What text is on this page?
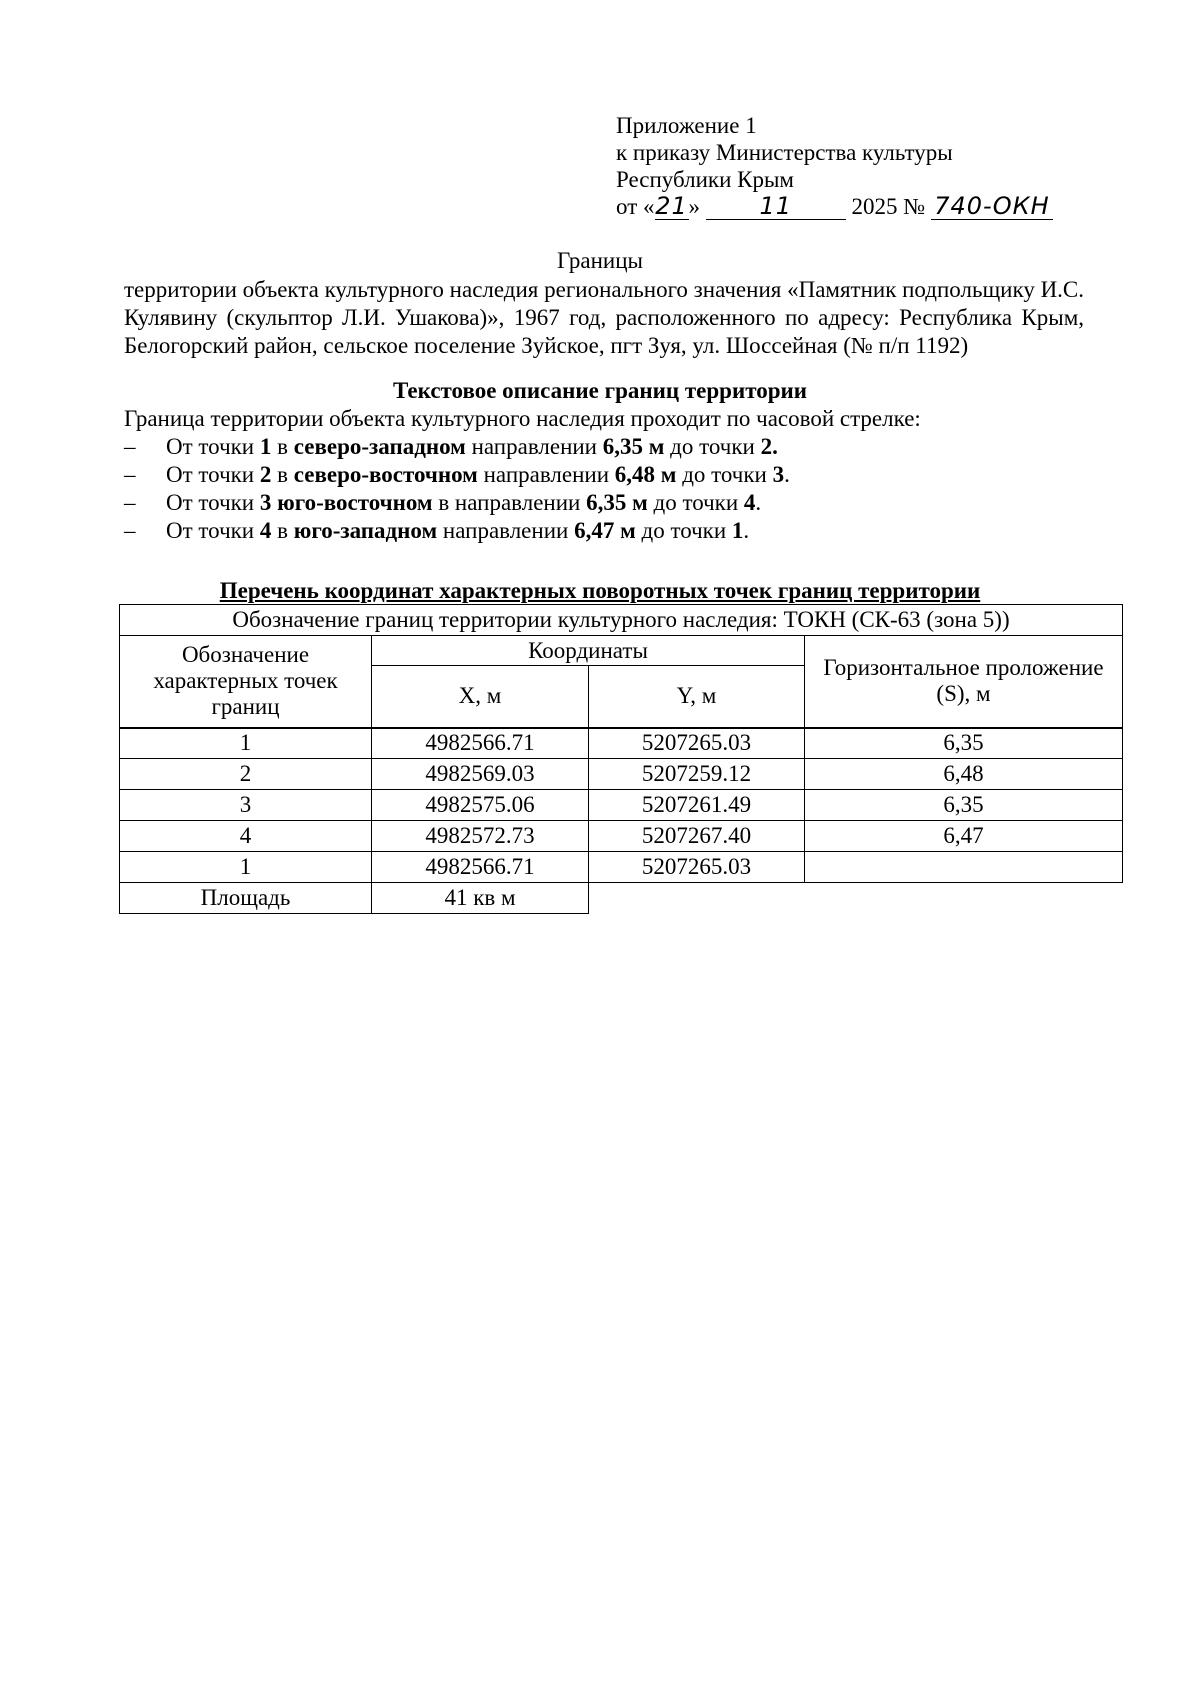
Приложение 1
к приказу Министерства культуры
Республики Крым
от «21» 11	2025 № 740-ОКН
Границы
территории объекта культурного наследия регионального значения «Памятник подпольщику И.С. Кулявину (скульптор Л.И. Ушакова)», 1967 год, расположенного по адресу: Республика Крым, Белогорский район, сельское поселение Зуйское, пгт Зуя, ул. Шоссейная (№ п/п 1192)
Текстовое описание границ территории
Граница территории объекта культурного наследия проходит по часовой стрелке:
– От точки 1 в северо-западном направлении 6,35 м до точки 2.
– От точки 2 в северо-восточном направлении 6,48 м до точки 3.
– От точки 3 юго-восточном в направлении 6,35 м до точки 4.
– От точки 4 в юго-западном направлении 6,47 м до точки 1.
Перечень координат характерных поворотных точек границ территории
Обозначение границ территории культурного наследия: ТОКН (СК-63 (зона 5))			
Обозначение характерных точек границ	Координаты		Горизонтальное проложение (S), м
	X, м	Y, м	
1	4982566.71	5207265.03	6,35
2	4982569.03	5207259.12	6,48
3	4982575.06	5207261.49	6,35
4	4982572.73	5207267.40	6,47
1	4982566.71	5207265.03	
Площадь	41 кв м		
